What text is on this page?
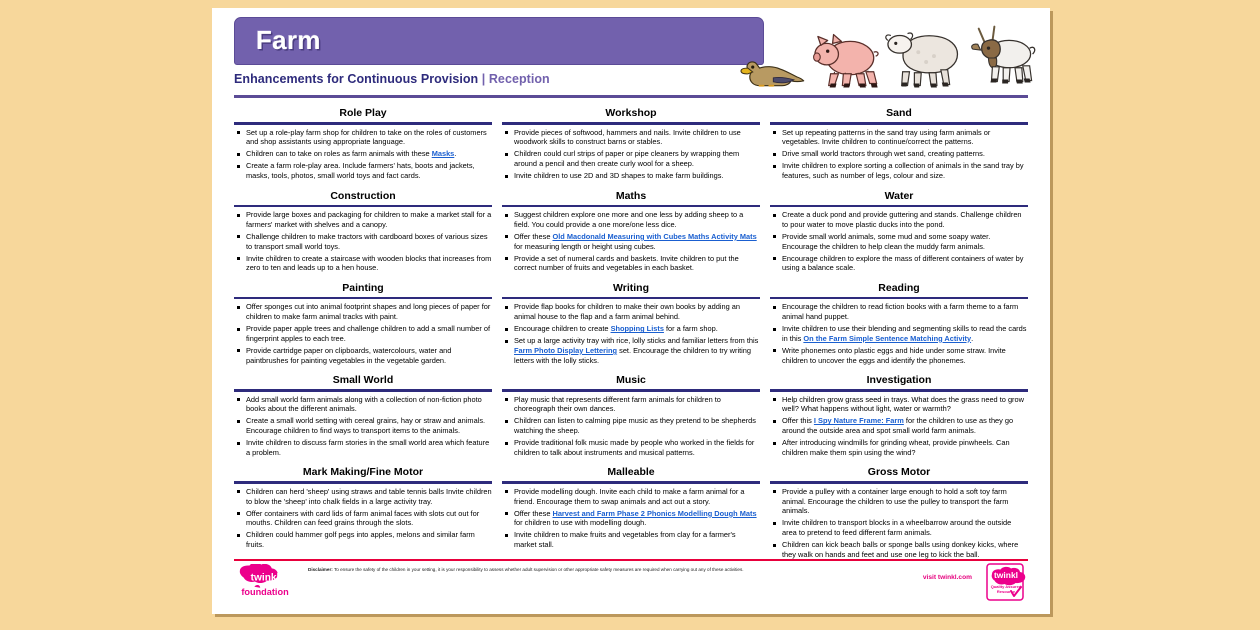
Farm
Enhancements for Continuous Provision | Reception
Role Play
Set up a role-play farm shop for children to take on the roles of customers and shop assistants using appropriate language.
Children can to take on roles as farm animals with these Masks.
Create a farm role-play area. Include farmers' hats, boots and jackets, masks, tools, photos, small world toys and fact cards.
Construction
Provide large boxes and packaging for children to make a market stall for a farmers' market with shelves and a canopy.
Challenge children to make tractors with cardboard boxes of various sizes to transport small world toys.
Invite children to create a staircase with wooden blocks that increases from zero to ten and leads up to a hen house.
Painting
Offer sponges cut into animal footprint shapes and long pieces of paper for children to make farm animal tracks with paint.
Provide paper apple trees and challenge children to add a small number of fingerprint apples to each tree.
Provide cartridge paper on clipboards, watercolours, water and paintbrushes for painting vegetables in the vegetable garden.
Small World
Add small world farm animals along with a collection of non-fiction photo books about the different animals.
Create a small world setting with cereal grains, hay or straw and animals. Encourage children to find ways to transport items to the animals.
Invite children to discuss farm stories in the small world area which feature a problem.
Mark Making/Fine Motor
Children can herd 'sheep' using straws and table tennis balls Invite children to blow the 'sheep' into chalk fields in a large activity tray.
Offer containers with card lids of farm animal faces with slots cut out for mouths. Children can feed grains through the slots.
Children could hammer golf pegs into apples, melons and similar farm fruits.
Workshop
Provide pieces of softwood, hammers and nails. Invite children to use woodwork skills to construct barns or stables.
Children could curl strips of paper or pipe cleaners by wrapping them around a pencil and then create curly wool for a sheep.
Invite children to use 2D and 3D shapes to make farm buildings.
Maths
Suggest children explore one more and one less by adding sheep to a field. You could provide a one more/one less dice.
Offer these Old Macdonald Measuring with Cubes Maths Activity Mats for measuring length or height using cubes.
Provide a set of numeral cards and baskets. Invite children to put the correct number of fruits and vegetables in each basket.
Writing
Provide flap books for children to make their own books by adding an animal house to the flap and a farm animal behind.
Encourage children to create Shopping Lists for a farm shop.
Set up a large activity tray with rice, lolly sticks and familiar letters from this Farm Photo Display Lettering set. Encourage the children to try writing letters with the lolly sticks.
Music
Play music that represents different farm animals for children to choreograph their own dances.
Children can listen to calming pipe music as they pretend to be shepherds watching the sheep.
Provide traditional folk music made by people who worked in the fields for children to talk about instruments and musical patterns.
Malleable
Provide modelling dough. Invite each child to make a farm animal for a friend. Encourage them to swap animals and act out a story.
Offer these Harvest and Farm Phase 2 Phonics Modelling Dough Mats for children to use with modelling dough.
Invite children to make fruits and vegetables from clay for a farmer's market stall.
Sand
Set up repeating patterns in the sand tray using farm animals or vegetables. Invite children to continue/correct the patterns.
Drive small world tractors through wet sand, creating patterns.
Invite children to explore sorting a collection of animals in the sand tray by features, such as number of legs, colour and size.
Water
Create a duck pond and provide guttering and stands. Challenge children to pour water to move plastic ducks into the pond.
Provide small world animals, some mud and some soapy water. Encourage the children to help clean the muddy farm animals.
Encourage children to explore the mass of different containers of water by using a balance scale.
Reading
Encourage the children to read fiction books with a farm theme to a farm animal hand puppet.
Invite children to use their blending and segmenting skills to read the cards in this On the Farm Simple Sentence Matching Activity.
Write phonemes onto plastic eggs and hide under some straw. Invite children to uncover the eggs and identify the phonemes.
Investigation
Help children grow grass seed in trays. What does the grass need to grow well? What happens without light, water or warmth?
Offer this I Spy Nature Frame: Farm for the children to use as they go around the outside area and spot small world farm animals.
After introducing windmills for grinding wheat, provide pinwheels. Can children make them spin using the wind?
Gross Motor
Provide a pulley with a container large enough to hold a soft toy farm animal. Encourage the children to use the pulley to transport the farm animals.
Invite children to transport blocks in a wheelbarrow around the outside area to pretend to feed different farm animals.
Children can kick beach balls or sponge balls using donkey kicks, where they walk on hands and feet and use one leg to kick the ball.
twinkl
foundation
Disclaimer: To ensure the safety of the children in your setting, it is your responsibility to assess whether adult supervision or other appropriate safety measures are required when carrying out any of these activities.
visit twinkl.com twinkl
Quality Assured
Resource
